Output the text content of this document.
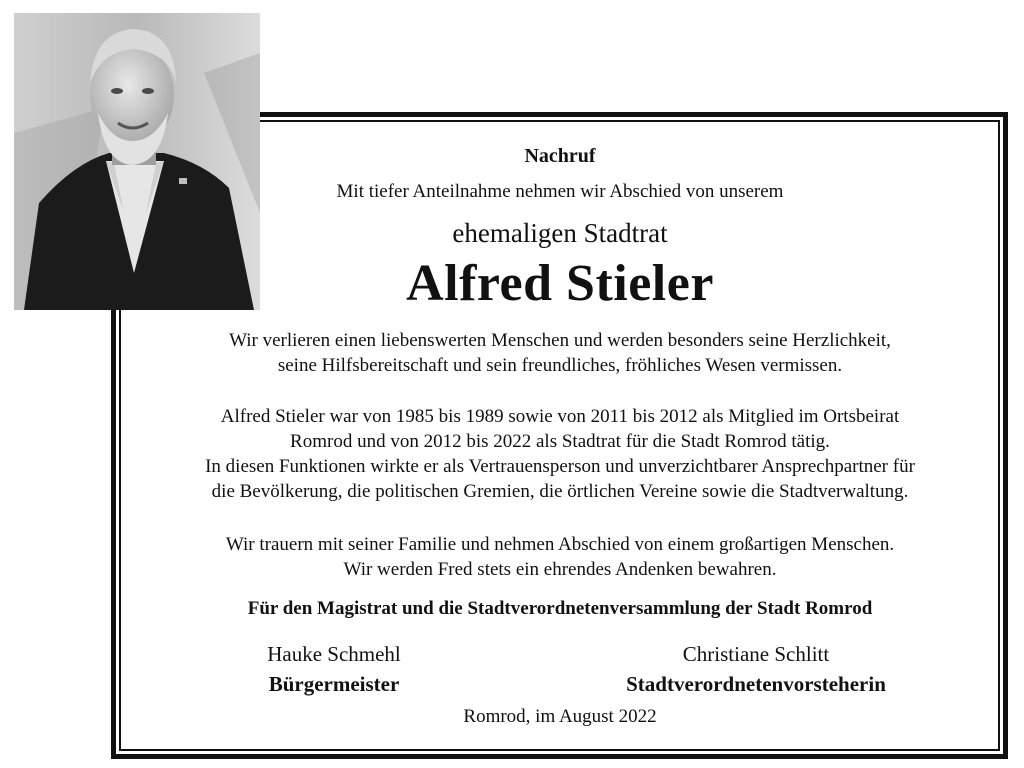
Nachruf
Mit tiefer Anteilnahme nehmen wir Abschied von unserem
ehemaligen Stadtrat
Alfred Stieler
Wir verlieren einen liebenswerten Menschen und werden besonders seine Herzlichkeit,
seine Hilfsbereitschaft und sein freundliches, fröhliches Wesen vermissen.
Alfred Stieler war von 1985 bis 1989 sowie von 2011 bis 2012 als Mitglied im Ortsbeirat
Romrod und von 2012 bis 2022 als Stadtrat für die Stadt Romrod tätig.
In diesen Funktionen wirkte er als Vertrauensperson und unverzichtbarer Ansprechpartner für
die Bevölkerung, die politischen Gremien, die örtlichen Vereine sowie die Stadtverwaltung.
Wir trauern mit seiner Familie und nehmen Abschied von einem großartigen Menschen.
Wir werden Fred stets ein ehrendes Andenken bewahren.
Für den Magistrat und die Stadtverordnetenversammlung der Stadt Romrod
Hauke Schmehl
Bürgermeister
Christiane Schlitt
Stadtverordnetenvorsteherin
Romrod, im August 2022
